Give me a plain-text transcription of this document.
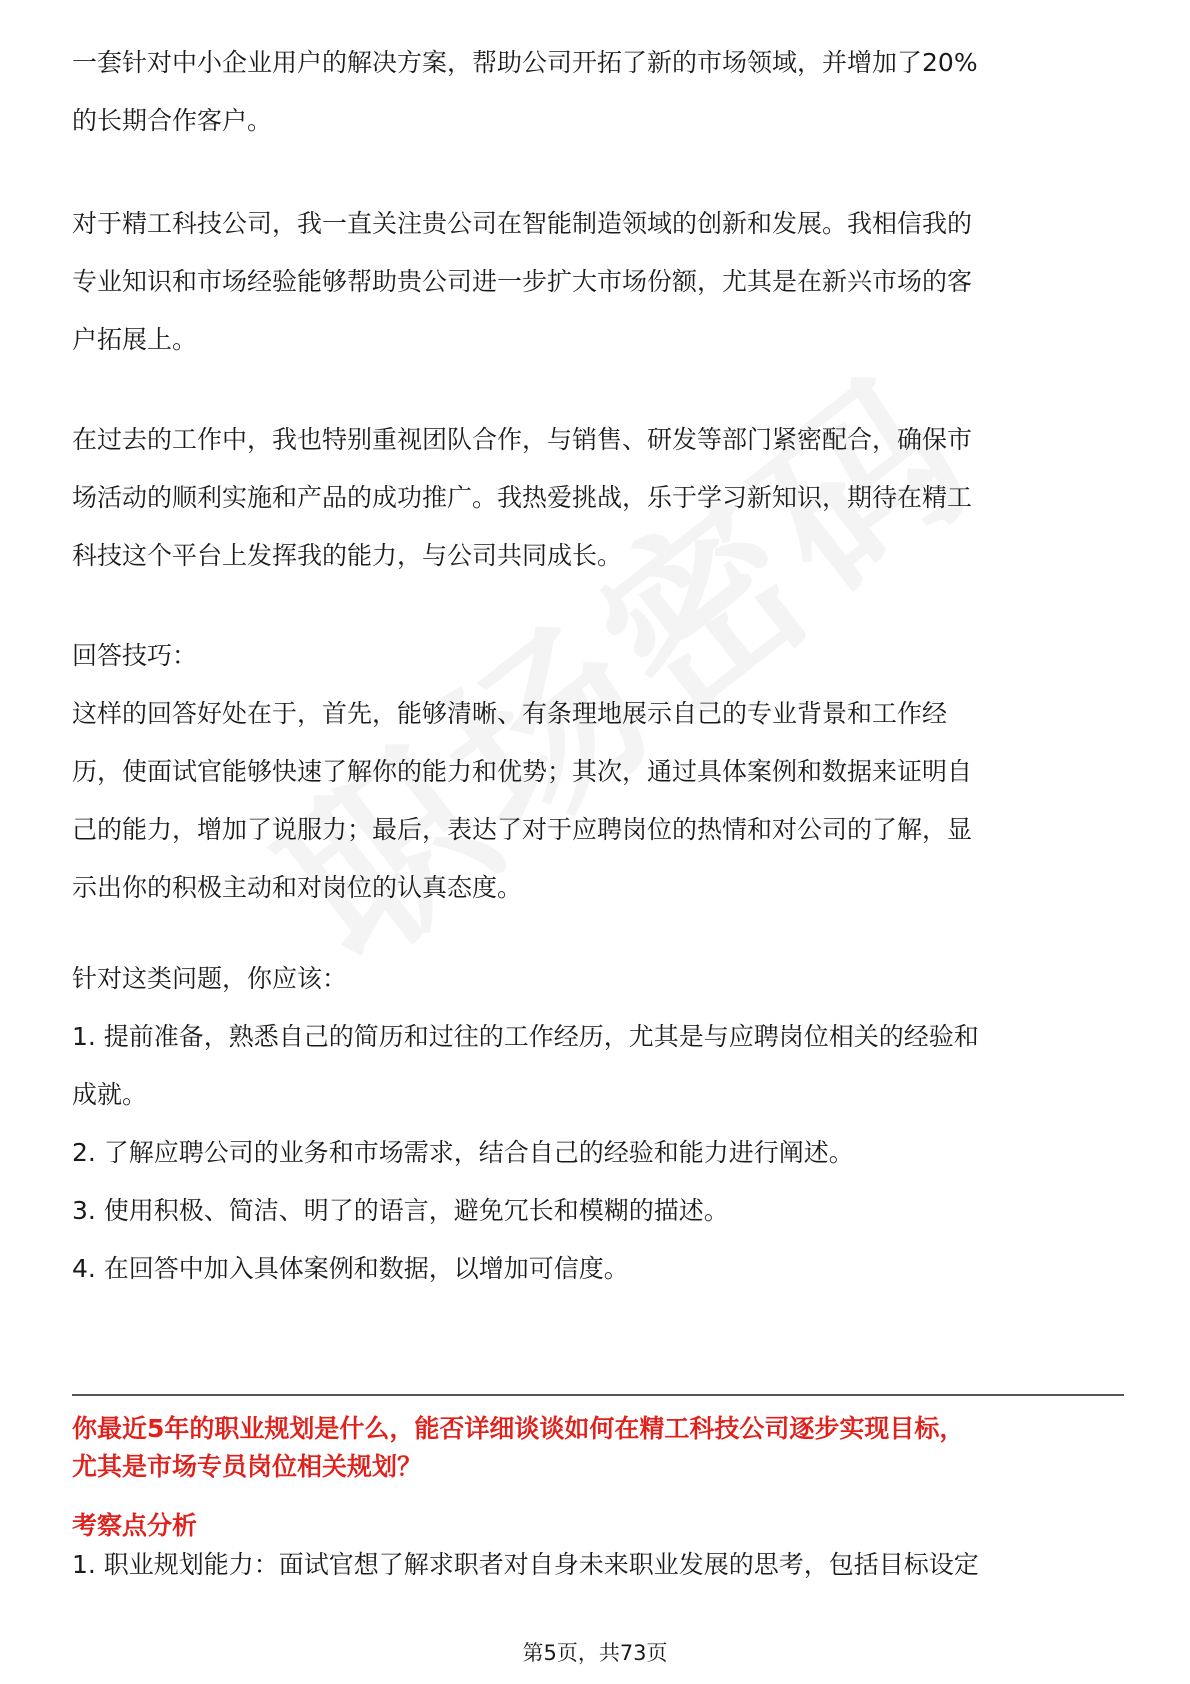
一套针对中小企业用户的解决方案，帮助公司开拓了新的市场领域，并增加了20%
的长期合作客户。
对于精工科技公司，我一直关注贵公司在智能制造领域的创新和发展。我相信我的
专业知识和市场经验能够帮助贵公司进一步扩大市场份额，尤其是在新兴市场的客
户拓展上。
在过去的工作中，我也特别重视团队合作，与销售、研发等部门紧密配合，确保市
场活动的顺利实施和产品的成功推广。我热爱挑战，乐于学习新知识，期待在精工
科技这个平台上发挥我的能力，与公司共同成长。
回答技巧：
这样的回答好处在于，首先，能够清晰、有条理地展示自己的专业背景和工作经
历，使面试官能够快速了解你的能力和优势；其次，通过具体案例和数据来证明自
己的能力，增加了说服力；最后，表达了对于应聘岗位的热情和对公司的了解，显
示出你的积极主动和对岗位的认真态度。
针对这类问题，你应该：
1. 提前准备，熟悉自己的简历和过往的工作经历，尤其是与应聘岗位相关的经验和
成就。
2. 了解应聘公司的业务和市场需求，结合自己的经验和能力进行阐述。
3. 使用积极、简洁、明了的语言，避免冗长和模糊的描述。
4. 在回答中加入具体案例和数据，以增加可信度。
你最近5年的职业规划是什么，能否详细谈谈如何在精工科技公司逐步实现目标，
尤其是市场专员岗位相关规划？
考察点分析
1. 职业规划能力：面试官想了解求职者对自身未来职业发展的思考，包括目标设定
第5页，共73页
